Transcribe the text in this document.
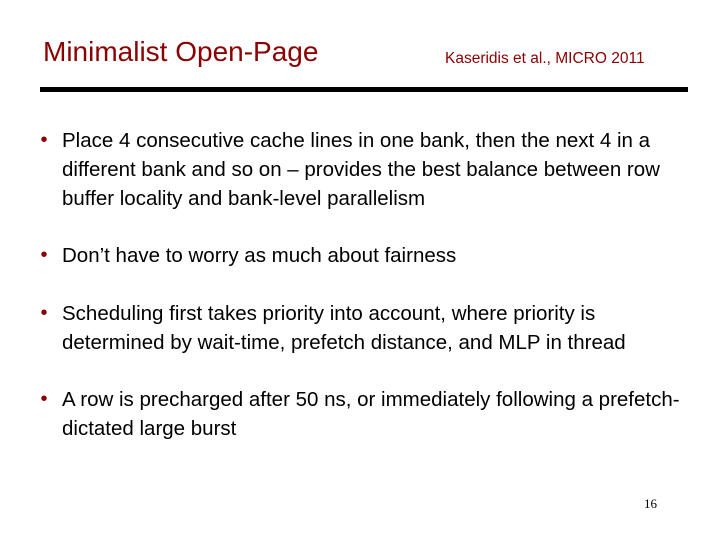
Minimalist Open-Page	Kaseridis et al., MICRO 2011
• Place 4 consecutive cache lines in one bank, then the next 4 in a different bank and so on – provides the best balance between row buffer locality and bank-level parallelism
• Don’t have to worry as much about fairness
• Scheduling first takes priority into account, where priority is determined by wait-time, prefetch distance, and MLP in thread
• A row is precharged after 50 ns, or immediately following a prefetch-dictated large burst
16
